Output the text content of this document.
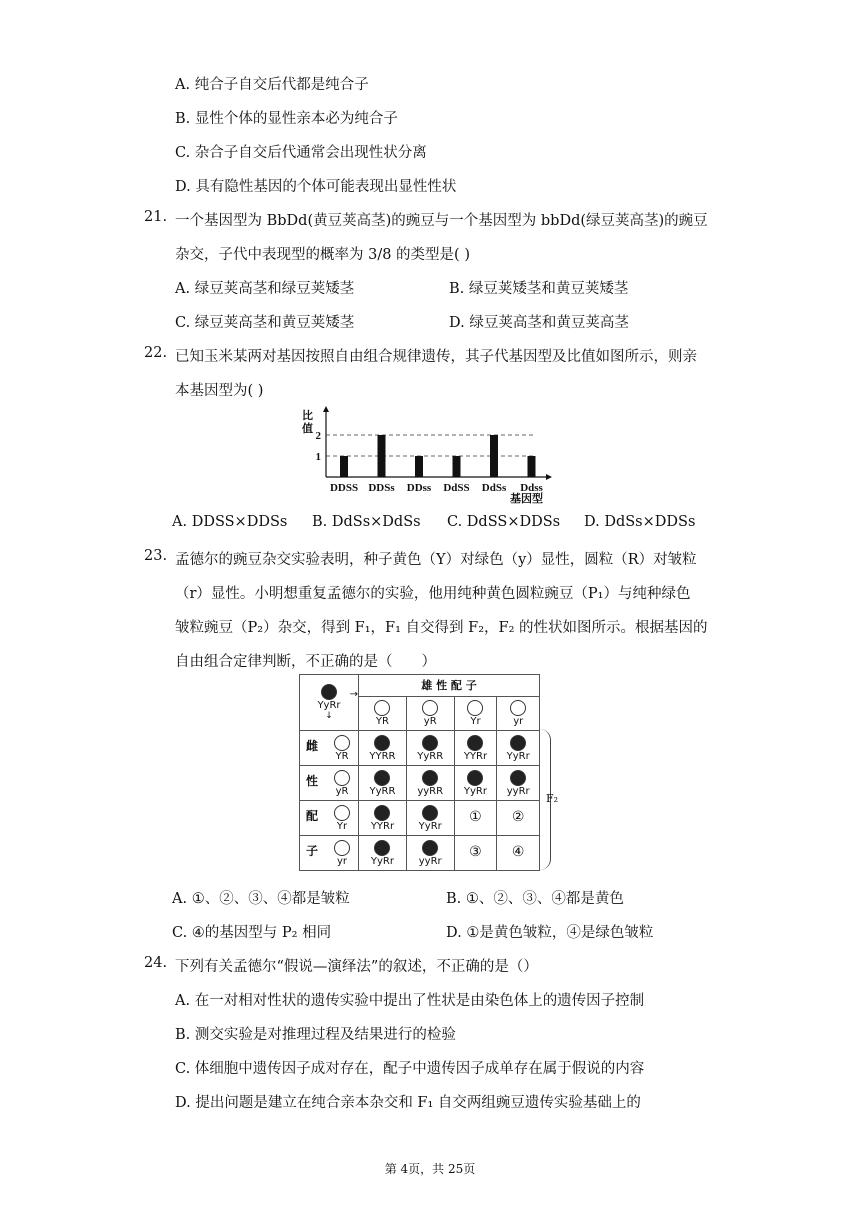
A. 纯合子自交后代都是纯合子
B. 显性个体的显性亲本必为纯合子
C. 杂合子自交后代通常会出现性状分离
D. 具有隐性基因的个体可能表现出显性性状
21. 一个基因型为 BbDd(黄豆荚高茎)的豌豆与一个基因型为 bbDd(绿豆荚高茎)的豌豆
杂交，子代中表现型的概率为 3/8 的类型是( )
A. 绿豆荚高茎和绿豆荚矮茎	B. 绿豆荚矮茎和黄豆荚矮茎
C. 绿豆荚高茎和黄豆荚矮茎	D. 绿豆荚高茎和黄豆荚高茎
22. 已知玉米某两对基因按照自由组合规律遗传，其子代基因型及比值如图所示，则亲
本基因型为( )
1
2
比
值
DDSS DDSs DDss DdSS DdSs Ddss
基因型
A. DDSS×DDSs B. DdSs×DdSs C. DdSS×DDSs D. DdSs×DDSs
23. 孟德尔的豌豆杂交实验表明，种子黄色（Y）对绿色（y）显性，圆粒（R）对皱粒
（r）显性。小明想重复孟德尔的实验，他用纯种黄色圆粒豌豆（P₁）与纯种绿色
皱粒豌豆（P₂）杂交，得到 F₁，F₁ 自交得到 F₂，F₂ 的性状如图所示。根据基因的
自由组合定律判断，不正确的是（　　）
YyRr
↓
→	雄 性 配 子			

	YR	yR	Yr	yr

雌
YR	YYRR	YyRR	YYRr	YyRr

性
yR	YyRR	yyRR	YyRr	yyRr

配
Yr	YYRr	YyRr	①	②

子
yr	YyRr	yyRr	③	④
F₂
A. ①、②、③、④都是皱粒	B. ①、②、③、④都是黄色
C. ④的基因型与 P₂ 相同	D. ①是黄色皱粒，④是绿色皱粒
24. 下列有关孟德尔“假说—演绎法”的叙述，不正确的是（）
A. 在一对相对性状的遗传实验中提出了性状是由染色体上的遗传因子控制
B. 测交实验是对推理过程及结果进行的检验
C. 体细胞中遗传因子成对存在，配子中遗传因子成单存在属于假说的内容
D. 提出问题是建立在纯合亲本杂交和 F₁ 自交两组豌豆遗传实验基础上的
第 4页，共 25页
